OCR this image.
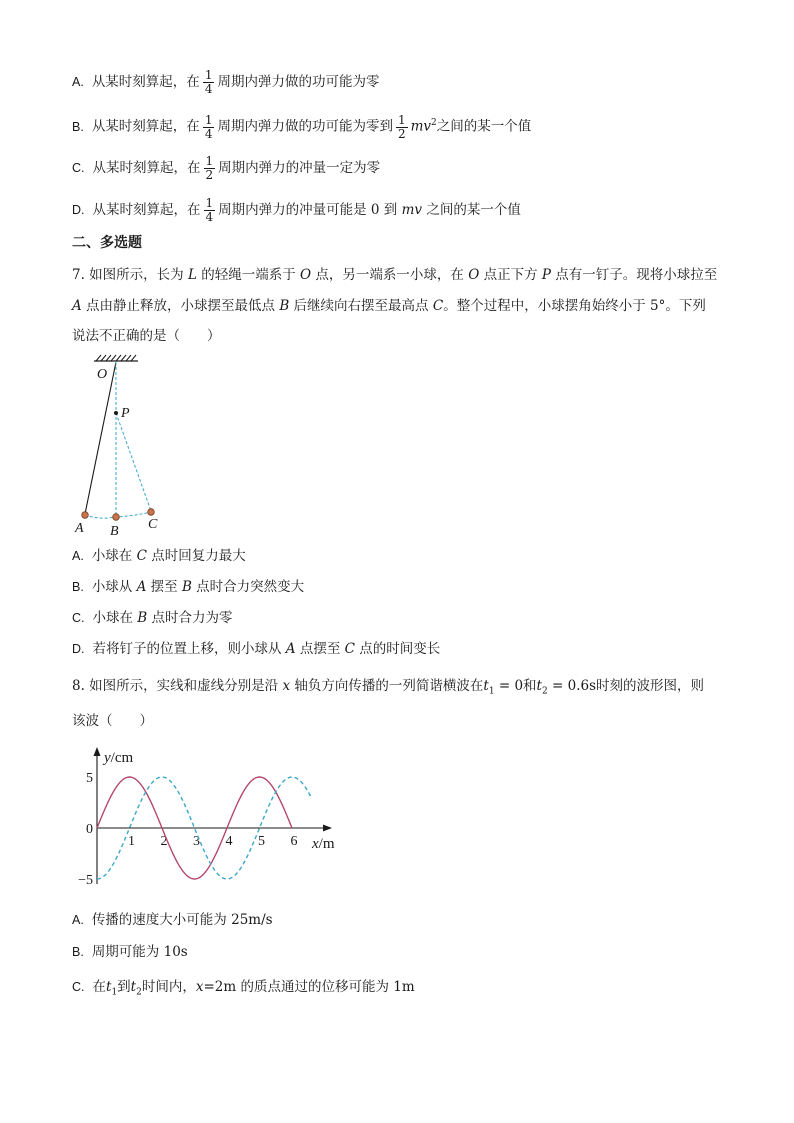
A. 从某时刻算起，在 $\frac{1}{4}$ 周期内弹力做的功可能为零
B. 从某时刻算起，在 $\frac{1}{4}$ 周期内弹力做的功可能为零到 $\frac{1}{2} mv^2$之间的某一个值
C. 从某时刻算起，在 $\frac{1}{2}$ 周期内弹力的冲量一定为零
D. 从某时刻算起，在 $\frac{1}{4}$ 周期内弹力的冲量可能是 0 到 mv 之间的某一个值
二、多选题
7. 如图所示，长为 L 的轻绳一端系于 O 点，另一端系一小球，在 O 点正下方 P 点有一钉子。现将小球拉至
A 点由静止释放，小球摆至最低点 B 后继续向右摆至最高点 C。整个过程中，小球摆角始终小于 5°。下列
说法不正确的是（　　）
O
P
A B C
A. 小球在 C 点时回复力最大
B. 小球从 A 摆至 B 点时合力突然变大
C. 小球在 B 点时合力为零
D. 若将钉子的位置上移，则小球从 A 点摆至 C 点的时间变长
8. 如图所示，实线和虚线分别是沿 x 轴负方向传播的一列简谐横波在$t_1 = 0$和$t_2 = 0.6s$时刻的波形图，则
该波（　　）
y/cm
x/m
1 2 3 4 5 6
5
0
−5
A. 传播的速度大小可能为 25m/s
B. 周期可能为 10s
C. 在$t_1$到$t_2$时间内，x=2m 的质点通过的位移可能为 1m
